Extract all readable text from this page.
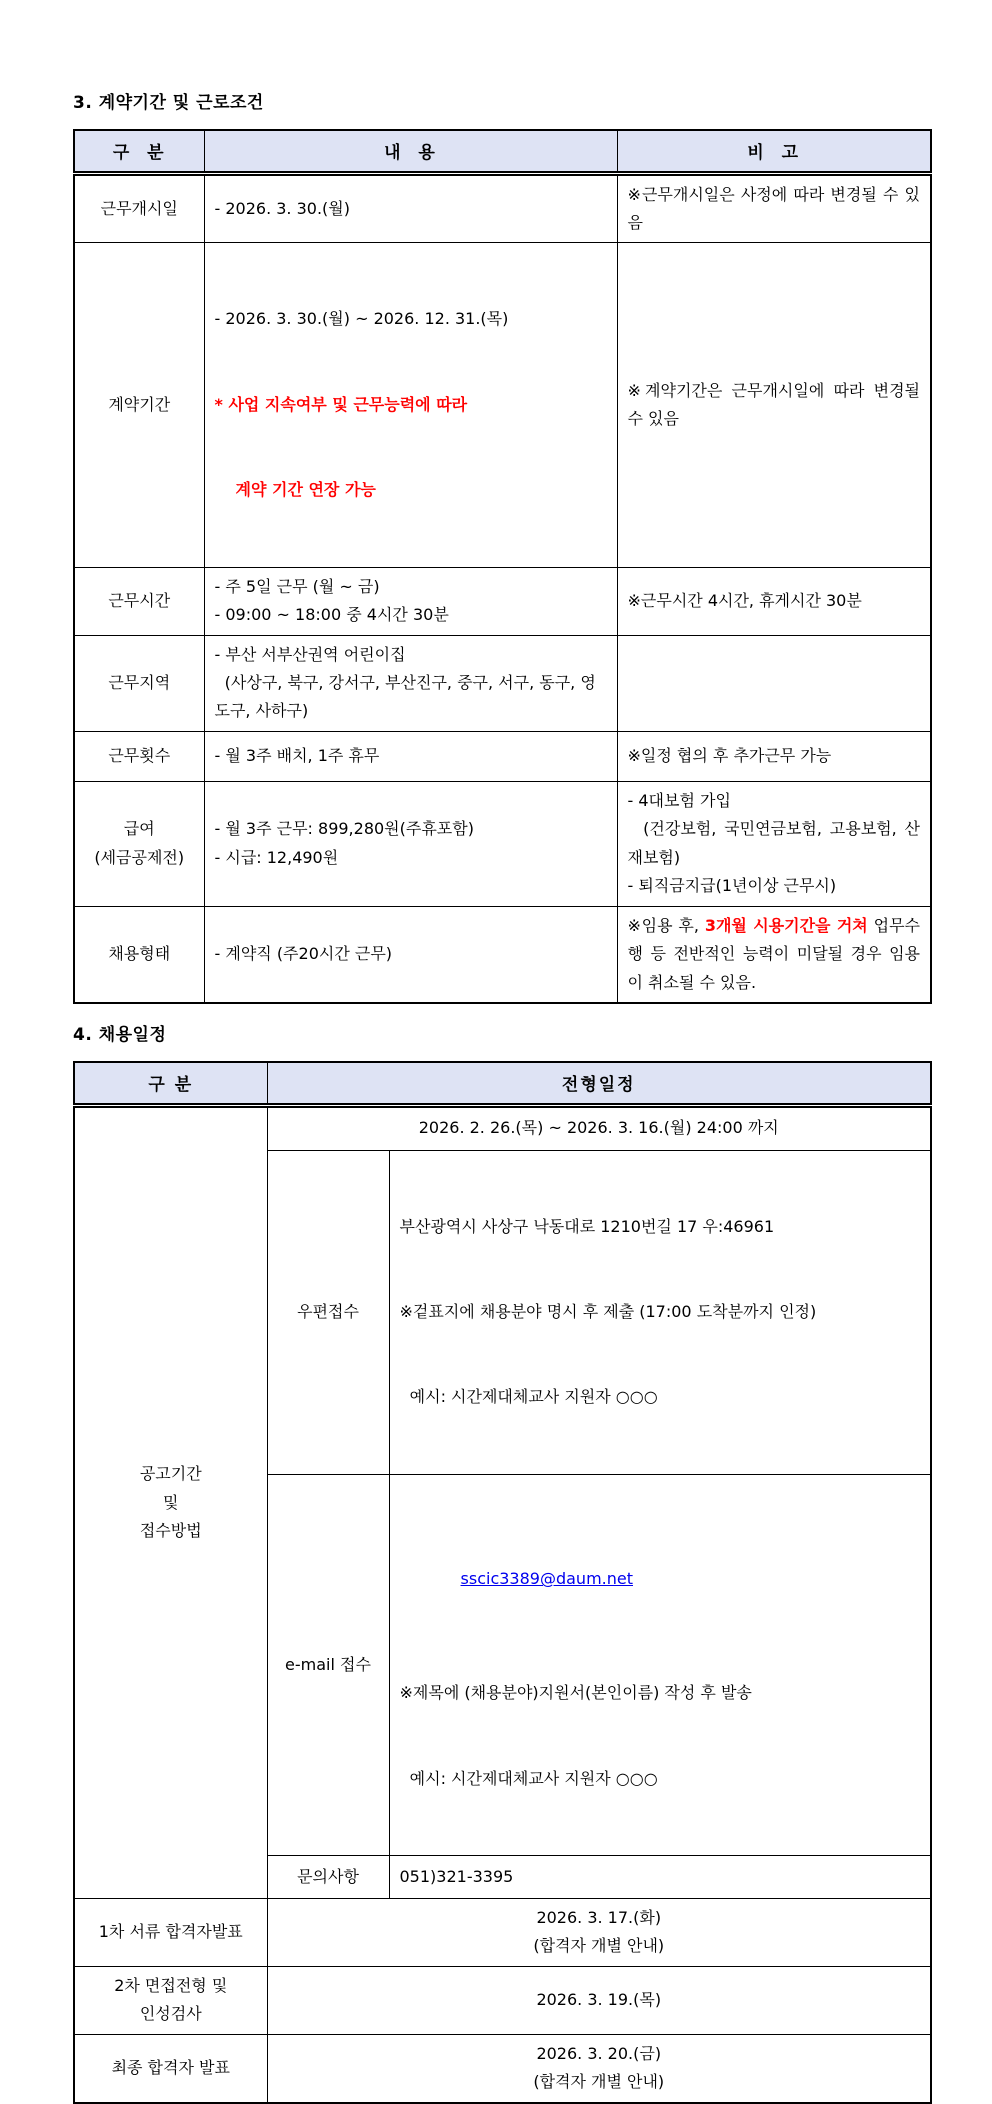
3. 계약기간 및 근로조건
구  분	내  용	비  고
근무개시일	- 2026. 3. 30.(월)	※근무개시일은 사정에 따라 변경될 수 있음
계약기간	- 2026. 3. 30.(월) ~ 2026. 12. 31.(목)

* 사업 지속여부 및 근무능력에 따라

계약 기간 연장 가능	※계약기간은 근무개시일에 따라 변경될 수 있음
근무시간	- 주 5일 근무 (월 ~ 금)
- 09:00 ~ 18:00 중 4시간 30분	※근무시간 4시간, 휴게시간 30분
근무지역	- 부산 서부산권역 어린이집
(사상구, 북구, 강서구, 부산진구, 중구, 서구, 동구, 영도구, 사하구)	
근무횟수	- 월 3주 배치, 1주 휴무	※일정 협의 후 추가근무 가능
급여
(세금공제전)	- 월 3주 근무: 899,280원(주휴포함)
- 시급: 12,490원	- 4대보험 가입
(건강보험, 국민연금보험, 고용보험, 산재보험)
- 퇴직금지급(1년이상 근무시)
채용형태	- 계약직 (주20시간 근무)	※임용 후, 3개월 시용기간을 거쳐 업무수행 등 전반적인 능력이 미달될 경우 임용이 취소될 수 있음.
4. 채용일정
구 분	전형일정	
공고기간
및
접수방법	2026. 2. 26.(목) ~ 2026. 3. 16.(월) 24:00 까지	
	우편접수	부산광역시 사상구 낙동대로 1210번길 17 우:46961

※겉표지에 채용분야 명시 후 제출 (17:00 도착분까지 인정)

예시: 시간제대체교사 지원자 ○○○

	e-mail 접수	sscic3389@daum.net

※제목에 (채용분야)지원서(본인이름) 작성 후 발송

예시: 시간제대체교사 지원자 ○○○

	문의사항	051)321-3395
1차 서류 합격자발표	2026. 3. 17.(화)
(합격자 개별 안내)	
2차 면접전형 및
인성검사	2026. 3. 19.(목)	
최종 합격자 발표	2026. 3. 20.(금)
(합격자 개별 안내)	
